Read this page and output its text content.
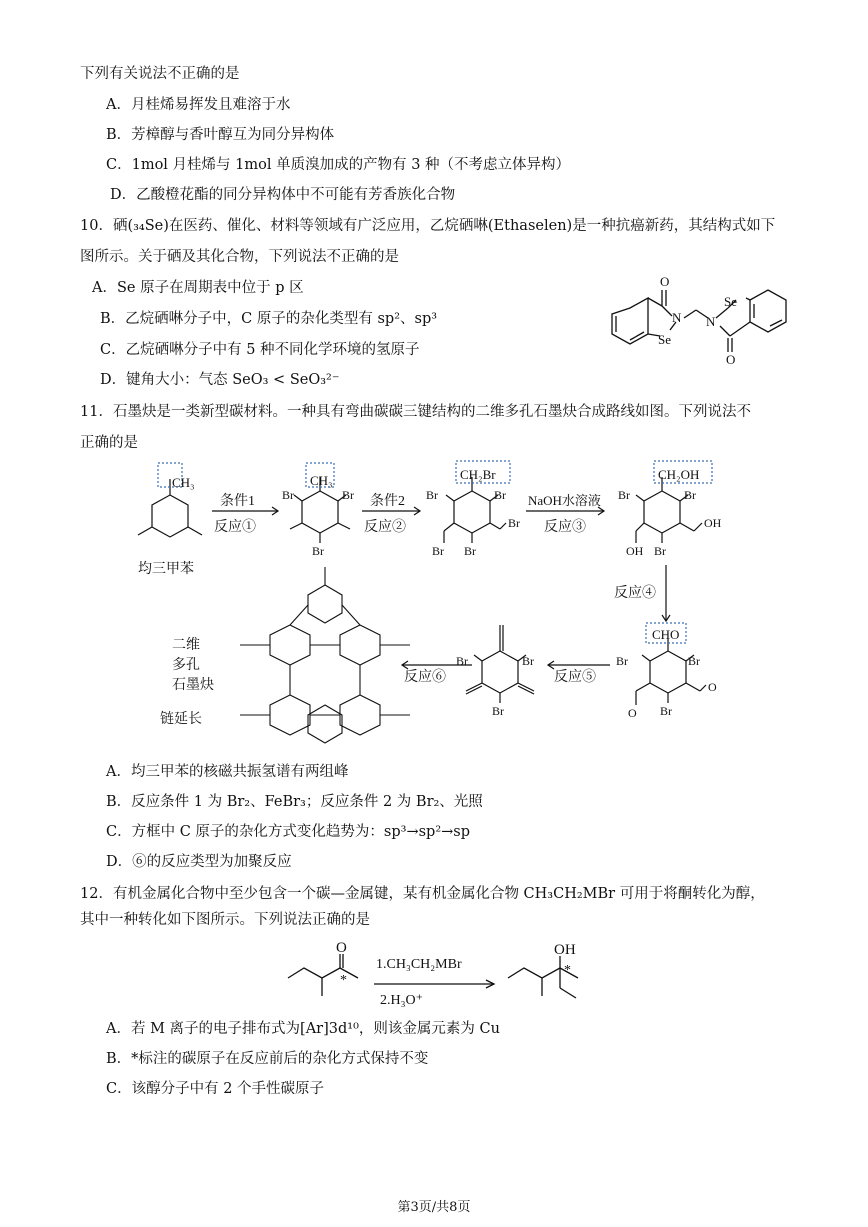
下列有关说法不正确的是
A．月桂烯易挥发且难溶于水
B．芳樟醇与香叶醇互为同分异构体
C．1mol 月桂烯与 1mol 单质溴加成的产物有 3 种（不考虑立体异构）
D．乙酸橙花酯的同分异构体中不可能有芳香族化合物
10．硒(₃₄Se)在医药、催化、材料等领域有广泛应用，乙烷硒啉(Ethaselen)是一种抗癌新药，其结构式如下
图所示。关于硒及其化合物，下列说法不正确的是
A．Se 原子在周期表中位于 p 区
B．乙烷硒啉分子中，C 原子的杂化类型有 sp²、sp³
C．乙烷硒啉分子中有 5 种不同化学环境的氢原子
D．键角大小：气态 SeO₃ < SeO₃²⁻
O
N
Se
N
Se
O
11．石墨炔是一类新型碳材料。一种具有弯曲碳碳三键结构的二维多孔石墨炔合成路线如图。下列说法不
正确的是
CH₃
均三甲苯
条件1
反应①
CH₃
Br	Br
Br
条件2
反应②
CH₂Br
Br	Br
Br
Br
Br
NaOH水溶液
反应③
CH₂OH
Br	Br
Br
OH
OH
反应④
CHO
Br	Br
Br
O
O
反应⑤
Br	Br
Br
反应⑥
二维
多孔
石墨炔
链延长
A．均三甲苯的核磁共振氢谱有两组峰
B．反应条件 1 为 Br₂、FeBr₃；反应条件 2 为 Br₂、光照
C．方框中 C 原子的杂化方式变化趋势为：sp³→sp²→sp
D．⑥的反应类型为加聚反应
12．有机金属化合物中至少包含一个碳—金属键，某有机金属化合物 CH₃CH₂MBr 可用于将酮转化为醇，
其中一种转化如下图所示。下列说法正确的是
O
*
1.CH₃CH₂MBr
2.H₃O⁺
OH
*
A．若 M 离子的电子排布式为[Ar]3d¹⁰，则该金属元素为 Cu
B．*标注的碳原子在反应前后的杂化方式保持不变
C．该醇分子中有 2 个手性碳原子
第3页/共8页
